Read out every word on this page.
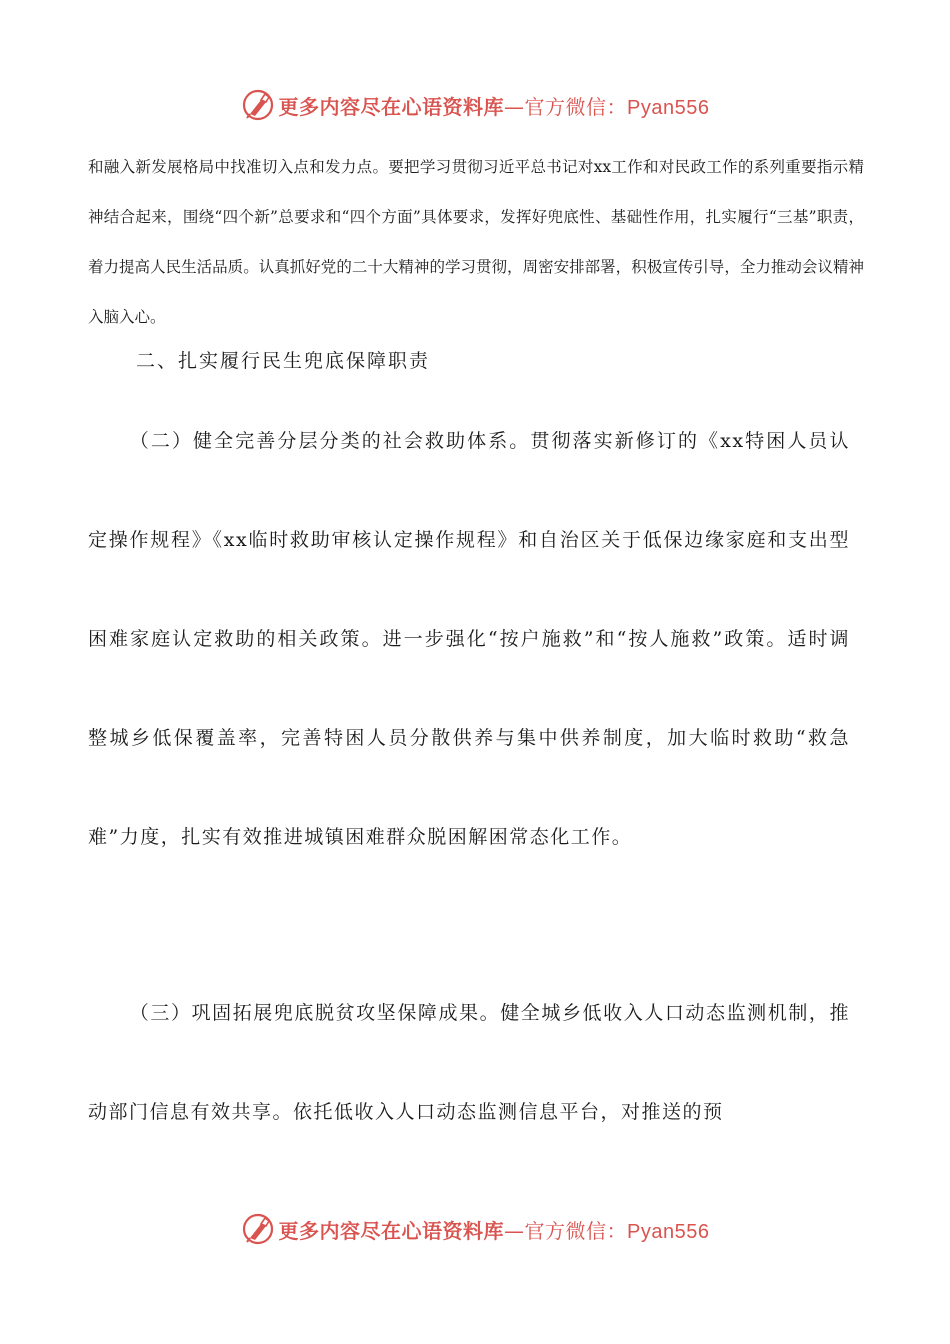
更多内容尽在心语资料库—官方微信：Pyan556

和融入新发展格局中找准切入点和发力点。要把学习贯彻习近平总书记对xx工作和对民政工作的系列重要指示精神结合起来，围绕“四个新”总要求和“四个方面”具体要求，发挥好兜底性、基础性作用，扎实履行“三基”职责，着力提高人民生活品质。认真抓好党的二十大精神的学习贯彻，周密安排部署，积极宣传引导，全力推动会议精神入脑入心。

二、扎实履行民生兜底保障职责

（二）健全完善分层分类的社会救助体系。贯彻落实新修订的《xx特困人员认定操作规程》《xx临时救助审核认定操作规程》和自治区关于低保边缘家庭和支出型困难家庭认定救助的相关政策。进一步强化“按户施救”和“按人施救”政策。适时调整城乡低保覆盖率，完善特困人员分散供养与集中供养制度，加大临时救助“救急难”力度，扎实有效推进城镇困难群众脱困解困常态化工作。

（三）巩固拓展兜底脱贫攻坚保障成果。健全城乡低收入人口动态监测机制，推动部门信息有效共享。依托低收入人口动态监测信息平台，对推送的预

更多内容尽在心语资料库—官方微信：Pyan556
